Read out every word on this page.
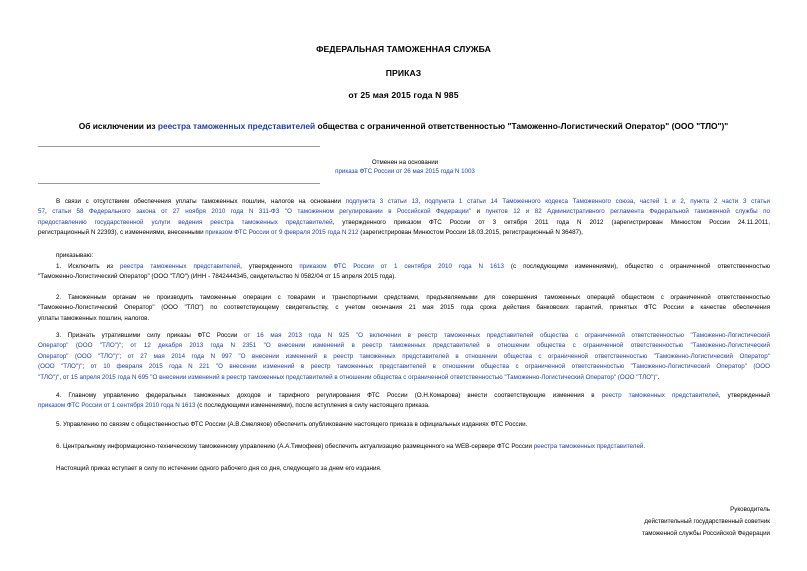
ФЕДЕРАЛЬНАЯ ТАМОЖЕННАЯ СЛУЖБА
ПРИКАЗ
от 25 мая 2015 года N 985
Об исключении из реестра таможенных представителей общества с ограниченной ответственностью "Таможенно-Логистический Оператор" (ООО "ТЛО")"
Отменен на основании
приказа ФТС России от 26 мая 2015 года N 1003
В связи с отсутствием обеспечения уплаты таможенных пошлин, налогов на основании подпункта 3 статьи 13, подпункта 1 статьи 14 Таможенного кодекса Таможенного союза, частей 1 и 2, пункта 2 части 3 статьи
57, статьи 58 Федерального закона от 27 ноября 2010 года N 311-ФЗ "О таможенном регулировании в Российской Федерации" и пунктов 12 и 82 Административного регламента Федеральной таможенной службы по
предоставлению государственной услуги ведения реестра таможенных представителей, утвержденного приказом ФТС России от 3 октября 2011 года N 2012 (зарегистрирован Минюстом России 24.11.2011,
регистрационный N 22393), с изменениями, внесенными приказом ФТС России от 9 февраля 2015 года N 212 (зарегистрирован Минюстом России 18.03.2015, регистрационный N 36487),
приказываю:
1. Исключить из реестра таможенных представителей, утвержденного приказом ФТС России от 1 сентября 2010 года N 1613 (с последующими изменениями), общество с ограниченной ответственностью
"Таможенно-Логистический Оператор" (ООО "ТЛО") (ИНН - 7842444345, свидетельство N 0582/04 от 15 апреля 2015 года).
2. Таможенным органам не производить таможенные операции с товарами и транспортными средствами, предъявляемыми для совершения таможенных операций обществом с ограниченной ответственностью
"Таможенно-Логистический Оператор" (ООО "ТЛО") по соответствующему свидетельству, с учетом окончания 21 мая 2015 года срока действия банковских гарантий, принятых ФТС России в качестве обеспечения
уплаты таможенных пошлин, налогов.
3. Признать утратившими силу приказы ФТС России от 16 мая 2013 года N 925 "О включении в реестр таможенных представителей общества с ограниченной ответственностью "Таможенно-Логистический
Оператор" (ООО "ТЛО")"; от 12 декабря 2013 года N 2351 "О внесении изменений в реестр таможенных представителей в отношении общества с ограниченной ответственностью "Таможенно-Логистический
Оператор" (ООО "ТЛО")"; от 27 мая 2014 года N 997 "О внесении изменений в реестр таможенных представителей в отношении общества с ограниченной ответственностью "Таможенно-Логистический Оператор"
(ООО "ТЛО")"; от 10 февраля 2015 года N 221 "О внесении изменений в реестр таможенных представителей в отношении общества с ограниченной ответственностью "Таможенно-Логистический Оператор" (ООО
"ТЛО")", от 15 апреля 2015 года N 695 "О внесении изменений в реестр таможенных представителей в отношении общества с ограниченной ответственностью "Таможенно-Логистический Оператор" (ООО "ТЛО")".
4. Главному управлению федеральных таможенных доходов и тарифного регулирования ФТС России (О.Н.Комарова) внести соответствующие изменения в реестр таможенных представителей, утвержденный
приказом ФТС России от 1 сентября 2010 года N 1613 (с последующими изменениями), после вступления в силу настоящего приказа.
5. Управлению по связям с общественностью ФТС России (А.В.Смеляков) обеспечить опубликование настоящего приказа в официальных изданиях ФТС России.
6. Центральному информационно-техническому таможенному управлению (А.А.Тимофеев) обеспечить актуализацию размещенного на WEB-сервере ФТС России реестра таможенных представителей.
Настоящий приказ вступает в силу по истечении одного рабочего дня со дня, следующего за днем его издания.
Руководитель
действительный государственный советник
таможенной службы Российской Федерации
